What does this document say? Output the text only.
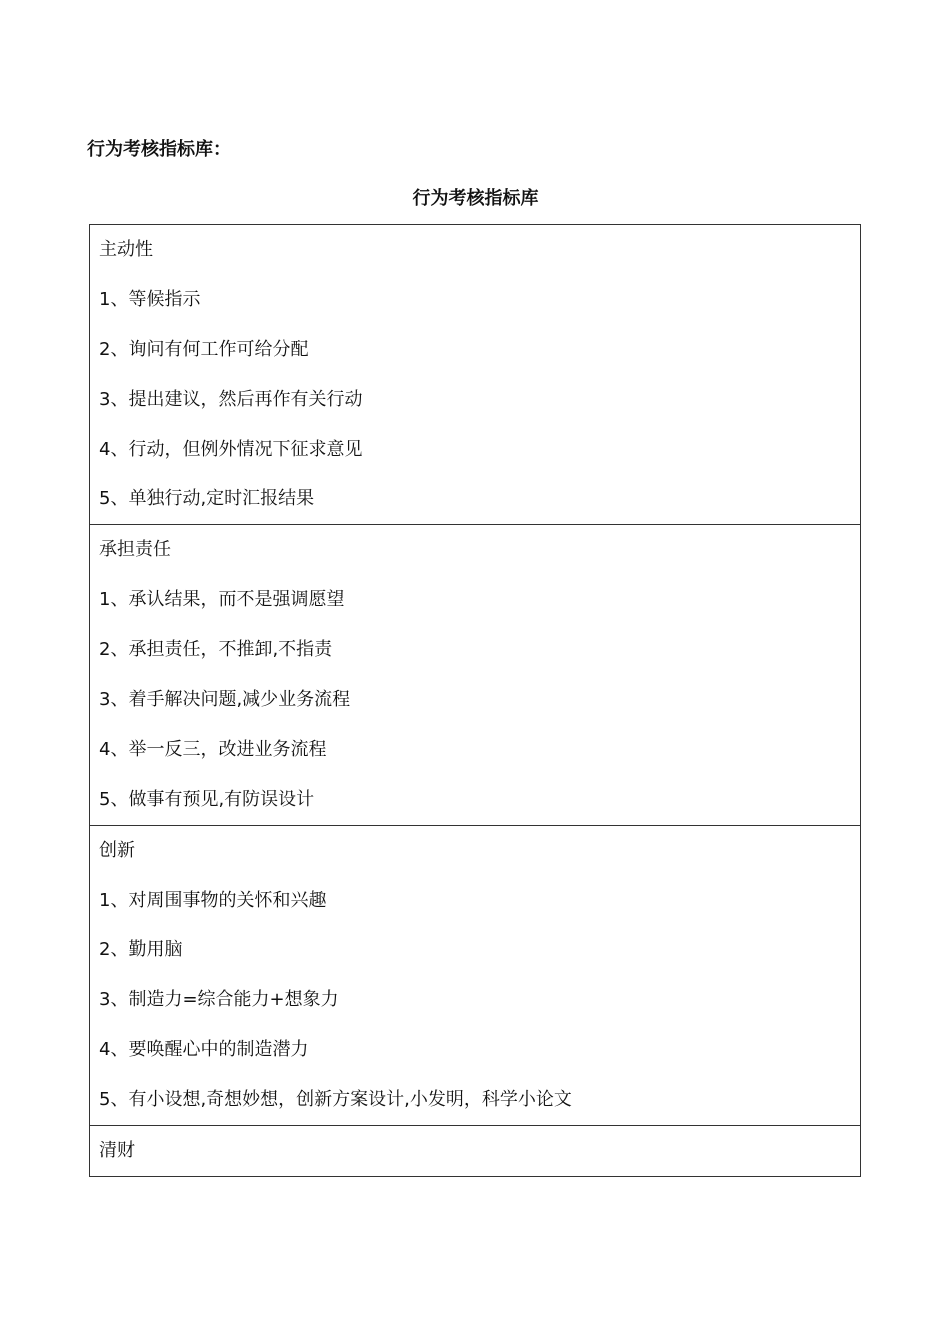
行为考核指标库：
行为考核指标库
主动性
1、等候指示
2、询问有何工作可给分配
3、提出建议，然后再作有关行动
4、行动，但例外情况下征求意见
5、单独行动,定时汇报结果
承担责任
1、承认结果，而不是强调愿望
2、承担责任，不推卸,不指责
3、着手解决问题,减少业务流程
4、举一反三，改进业务流程
5、做事有预见,有防误设计
创新
1、对周围事物的关怀和兴趣
2、勤用脑
3、制造力=综合能力+想象力
4、要唤醒心中的制造潜力
5、有小设想,奇想妙想，创新方案设计,小发明，科学小论文
清财
